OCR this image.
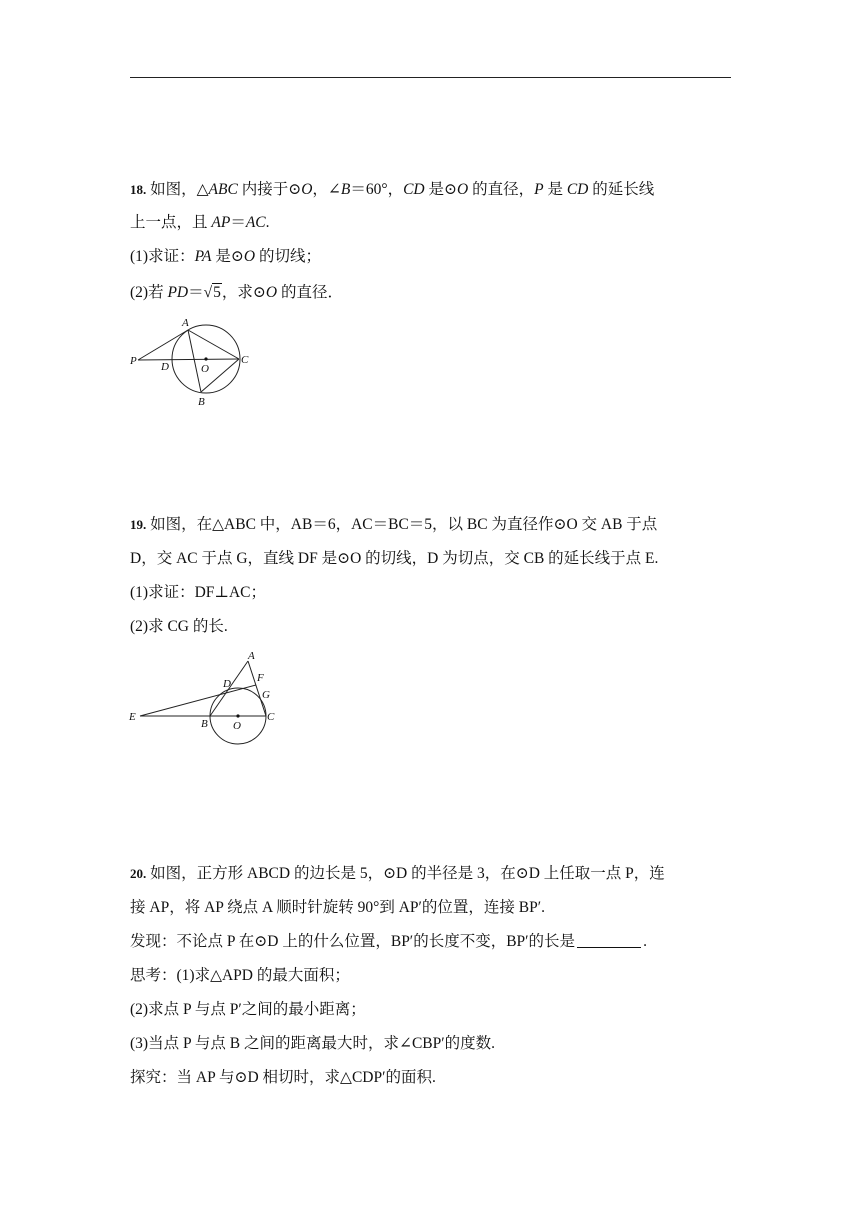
18. 如图，△ABC 内接于⊙O，∠B＝60°，CD 是⊙O 的直径，P 是 CD 的延长线
上一点，且 AP＝AC.
(1)求证：PA 是⊙O 的切线；
(2)若 PD＝√5，求⊙O 的直径．
A
P D	O
C
B
19. 如图，在△ABC 中，AB＝6，AC＝BC＝5，以 BC 为直径作⊙O 交 AB 于点
D，交 AC 于点 G，直线 DF 是⊙O 的切线，D 为切点，交 CB 的延长线于点 E.
(1)求证：DF⊥AC；
(2)求 CG 的长.
A
D F
G
E
B O
C
20. 如图，正方形 ABCD 的边长是 5，⊙D 的半径是 3，在⊙D 上任取一点 P，连
接 AP，将 AP 绕点 A 顺时针旋转 90°到 AP′的位置，连接 BP′.
发现：不论点 P 在⊙D 上的什么位置，BP′的长度不变，BP′的长是	.
思考：(1)求△APD 的最大面积；
(2)求点 P 与点 P′之间的最小距离；
(3)当点 P 与点 B 之间的距离最大时，求∠CBP′的度数.
探究：当 AP 与⊙D 相切时，求△CDP′的面积.
